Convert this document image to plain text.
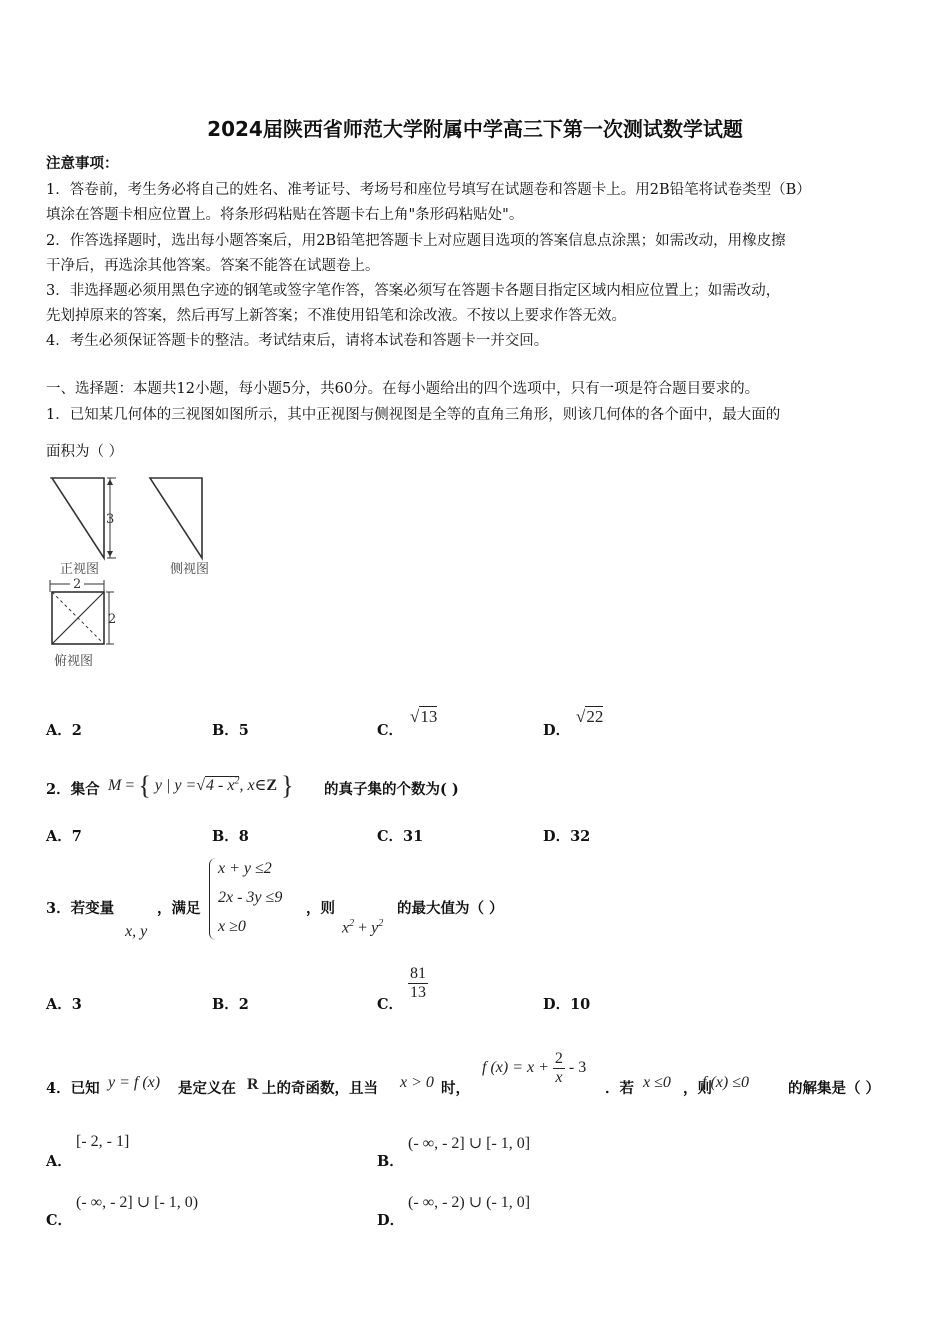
2024届陕西省师范大学附属中学高三下第一次测试数学试题
注意事项：
1．答卷前，考生务必将自己的姓名、准考证号、考场号和座位号填写在试题卷和答题卡上。用2B铅笔将试卷类型（B）
填涂在答题卡相应位置上。将条形码粘贴在答题卡右上角"条形码粘贴处"。
2．作答选择题时，选出每小题答案后，用2B铅笔把答题卡上对应题目选项的答案信息点涂黑；如需改动，用橡皮擦
干净后，再选涂其他答案。答案不能答在试题卷上。
3．非选择题必须用黑色字迹的钢笔或签字笔作答，答案必须写在答题卡各题目指定区域内相应位置上；如需改动，
先划掉原来的答案，然后再写上新答案；不准使用铅笔和涂改液。不按以上要求作答无效。
4．考生必须保证答题卡的整洁。考试结束后，请将本试卷和答题卡一并交回。
一、选择题：本题共12小题，每小题5分，共60分。在每小题给出的四个选项中，只有一项是符合题目要求的。
1．已知某几何体的三视图如图所示，其中正视图与侧视图是全等的直角三角形，则该几何体的各个面中，最大面的
面积为（ ）
3
正视图	侧视图
2
2
俯视图
A．2	B．5	C．
√13
D．
√22
2．集合 M = { y | $y =√4 - x^2$, x∈Z } 的真子集的个数为( )
A．7	B．8	C．31	D．32
3．若变量
x, y
，满足
x + y ≤2
2x - 3y ≤9
x ≥0
，则
$x^2 + y^2$
的最大值为（ ）
A．3	B．2	C．
$\frac{81}{13}$
D．10
4．已知 y = f (x) 是定义在 R 上的奇函数，且当 x > 0 时，
f $(x) = x + \frac{2}{x} - 3$
．若 x ≤0 ，则
f (x) ≤0	的解集是（ ）
A．
[- 2, - 1]
B．
(- ∞, - 2] ∪ [- 1, 0]
C．
(- ∞, - 2] ∪ [- 1, 0)
D．
(- ∞, - 2) ∪ (- 1, 0]
